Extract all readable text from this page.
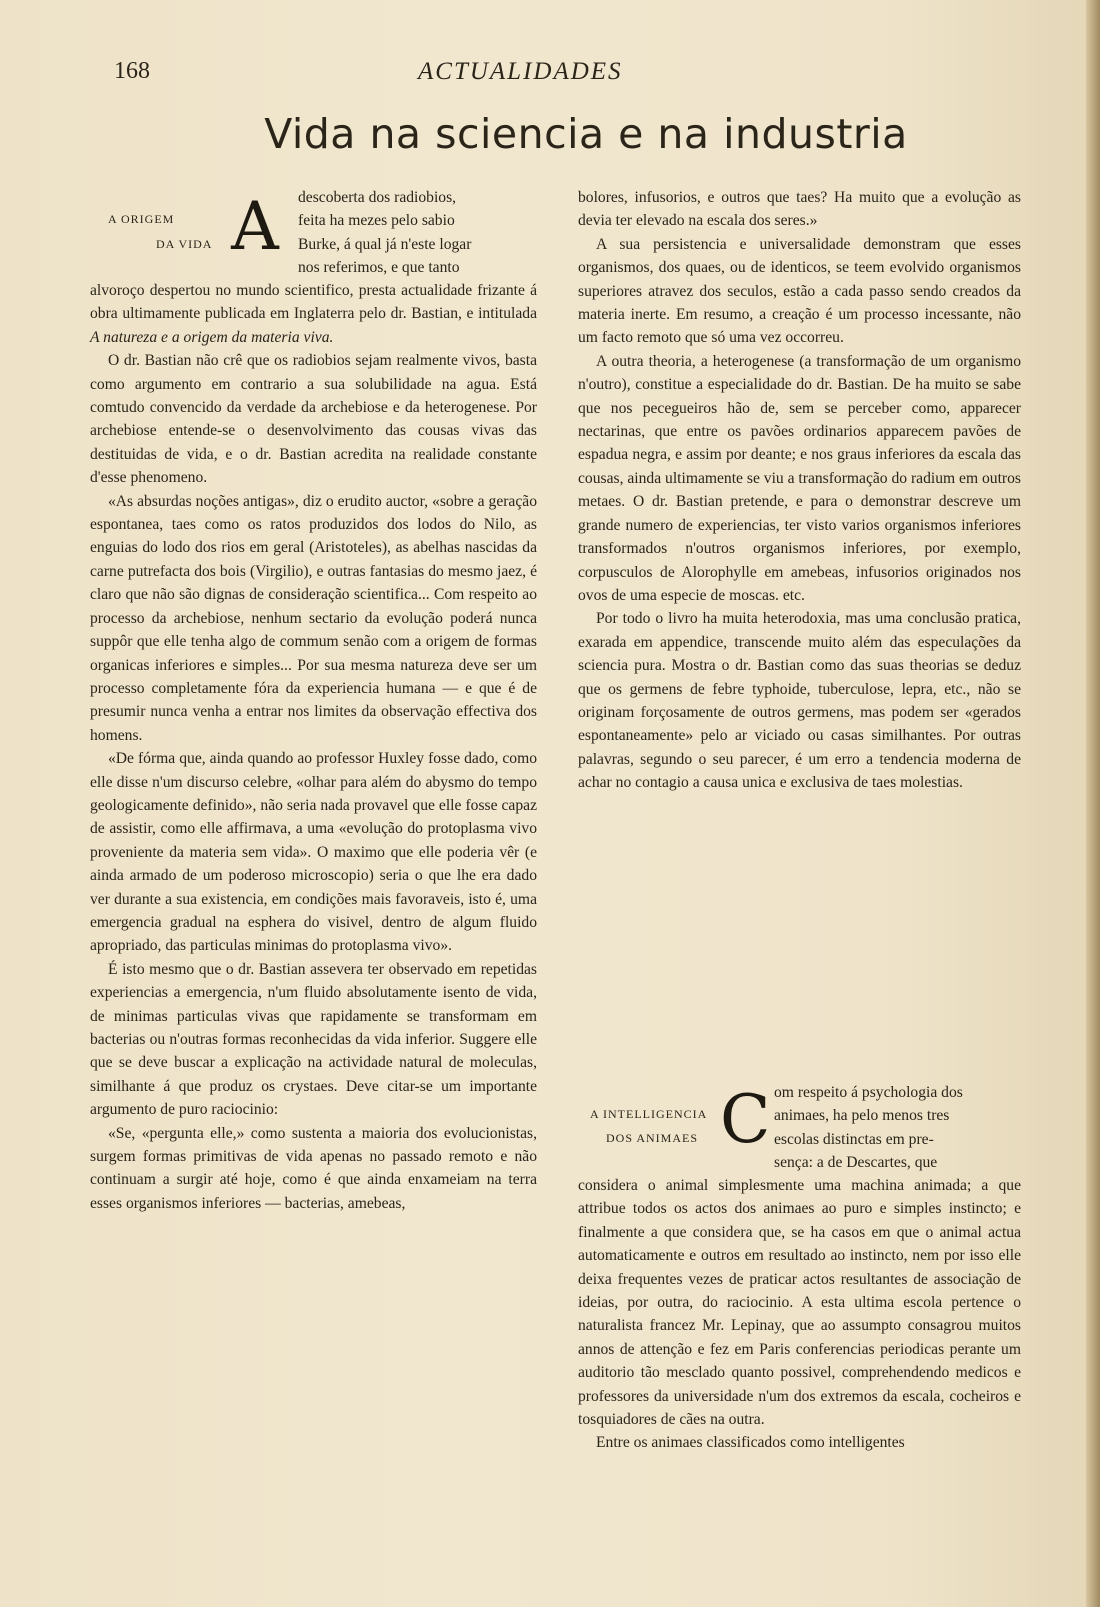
168	ACTUALIDADES
Vida na sciencia e na industria
A ORIGEM
DA VIDA A descoberta dos radiobios,
feita ha mezes pelo sabio
Burke, á qual já n'este logar
nos referimos, e que tanto

alvoroço despertou no mundo scientifico, presta actualidade frizante á obra ultimamente publicada em Inglaterra pelo dr. Bastian, e intitulada A natureza e a origem da materia viva.

O dr. Bastian não crê que os radiobios sejam realmente vivos, basta como argumento em contrario a sua solubilidade na agua. Está comtudo convencido da verdade da archebiose e da heterogenese. Por archebiose entende-se o desenvolvimento das cousas vivas das destituidas de vida, e o dr. Bastian acredita na realidade constante d'esse phenomeno.

«As absurdas noções antigas», diz o erudito auctor, «sobre a geração espontanea, taes como os ratos produzidos dos lodos do Nilo, as enguias do lodo dos rios em geral (Aristoteles), as abelhas nascidas da carne putrefacta dos bois (Virgilio), e outras fantasias do mesmo jaez, é claro que não são dignas de consideração scientifica... Com respeito ao processo da archebiose, nenhum sectario da evolução poderá nunca suppôr que elle tenha algo de commum senão com a origem de formas organicas inferiores e simples... Por sua mesma natureza deve ser um processo completamente fóra da experiencia humana — e que é de presumir nunca venha a entrar nos limites da observação effectiva dos homens.

«De fórma que, ainda quando ao professor Huxley fosse dado, como elle disse n'um discurso celebre, «olhar para além do abysmo do tempo geologicamente definido», não seria nada provavel que elle fosse capaz de assistir, como elle affirmava, a uma «evolução do protoplasma vivo proveniente da materia sem vida». O maximo que elle poderia vêr (e ainda armado de um poderoso microscopio) seria o que lhe era dado ver durante a sua existencia, em condições mais favoraveis, isto é, uma emergencia gradual na esphera do visivel, dentro de algum fluido apropriado, das particulas minimas do protoplasma vivo».

É isto mesmo que o dr. Bastian assevera ter observado em repetidas experiencias a emergencia, n'um fluido absolutamente isento de vida, de minimas particulas vivas que rapidamente se transformam em bacterias ou n'outras formas reconhecidas da vida inferior. Suggere elle que se deve buscar a explicação na actividade natural de moleculas, similhante á que produz os crystaes. Deve citar-se um importante argumento de puro raciocinio:

«Se, «pergunta elle,» como sustenta a maioria dos evolucionistas, surgem formas primitivas de vida apenas no passado remoto e não continuam a surgir até hoje, como é que ainda enxameiam na terra esses organismos inferiores — bacterias, amebeas,

bolores, infusorios, e outros que taes? Ha muito que a evolução as devia ter elevado na escala dos seres.»

A sua persistencia e universalidade demonstram que esses organismos, dos quaes, ou de identicos, se teem evolvido organismos superiores atravez dos seculos, estão a cada passo sendo creados da materia inerte. Em resumo, a creação é um processo incessante, não um facto remoto que só uma vez occorreu.

A outra theoria, a heterogenese (a transformação de um organismo n'outro), constitue a especialidade do dr. Bastian. De ha muito se sabe que nos pecegueiros hão de, sem se perceber como, apparecer nectarinas, que entre os pavões ordinarios apparecem pavões de espadua negra, e assim por deante; e nos graus inferiores da escala das cousas, ainda ultimamente se viu a transformação do radium em outros metaes. O dr. Bastian pretende, e para o demonstrar descreve um grande numero de experiencias, ter visto varios organismos inferiores transformados n'outros organismos inferiores, por exemplo, corpusculos de Alorophylle em amebeas, infusorios originados nos ovos de uma especie de moscas. etc.

Por todo o livro ha muita heterodoxia, mas uma conclusão pratica, exarada em appendice, transcende muito além das especulações da sciencia pura. Mostra o dr. Bastian como das suas theorias se deduz que os germens de febre typhoide, tuberculose, lepra, etc., não se originam forçosamente de outros germens, mas podem ser «gerados espontaneamente» pelo ar viciado ou casas similhantes. Por outras palavras, segundo o seu parecer, é um erro a tendencia moderna de achar no contagio a causa unica e exclusiva de taes molestias.

A INTELLIGENCIA
DOS ANIMAES C om respeito á psychologia dos
animaes, ha pelo menos tres
escolas distinctas em pre-
sença: a de Descartes, que

considera o animal simplesmente uma machina animada; a que attribue todos os actos dos animaes ao puro e simples instincto; e finalmente a que considera que, se ha casos em que o animal actua automaticamente e outros em resultado ao instincto, nem por isso elle deixa frequentes vezes de praticar actos resultantes de associação de ideias, por outra, do raciocinio. A esta ultima escola pertence o naturalista francez Mr. Lepinay, que ao assumpto consagrou muitos annos de attenção e fez em Paris conferencias periodicas perante um auditorio tão mesclado quanto possivel, comprehendendo medicos e professores da universidade n'um dos extremos da escala, cocheiros e tosquiadores de cães na outra.

Entre os animaes classificados como intelligentes
